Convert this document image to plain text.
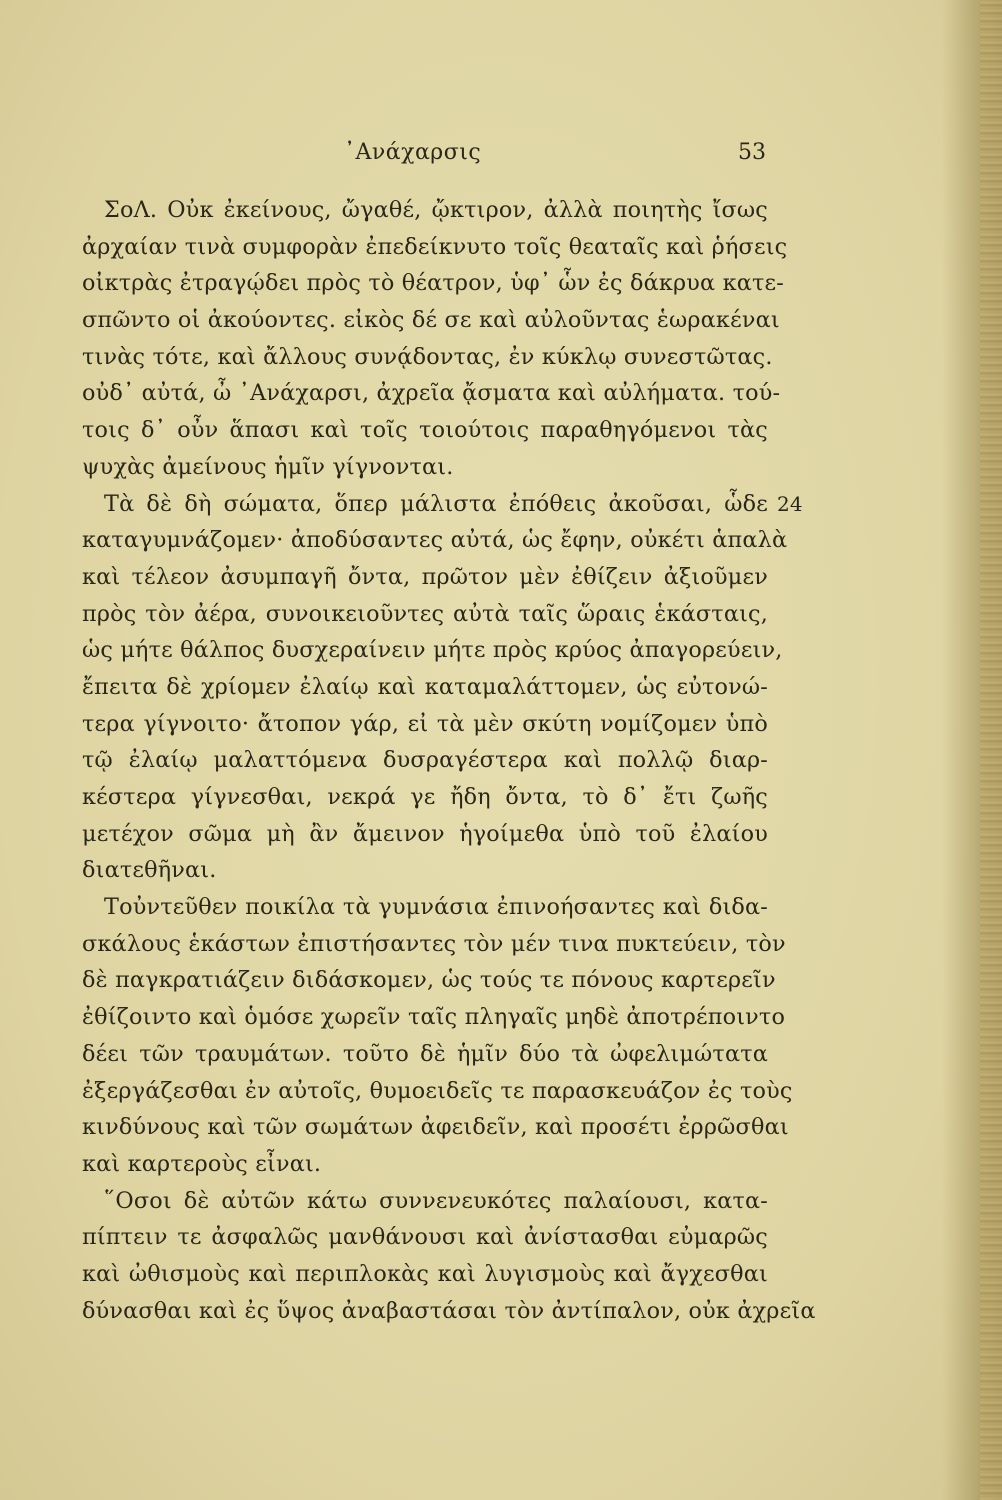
᾿Ανάχαρσις	53
ΣοΛ. Οὐκ ἐκείνους, ὤγαθέ, ᾤκτιρον, ἀλλὰ ποιητὴς ἴσως
ἀρχαίαν τινὰ συμφορὰν ἐπεδείκνυτο τοῖς θεαταῖς καὶ ῥήσεις
οἰκτρὰς ἐτραγῴδει πρὸς τὸ θέατρον, ὑφ᾿ ὧν ἐς δάκρυα κατε-
σπῶντο οἱ ἀκούοντες. εἰκὸς δέ σε καὶ αὐλοῦντας ἑωρακέναι
τινὰς τότε, καὶ ἄλλους συνᾴδοντας, ἐν κύκλῳ συνεστῶτας.
οὐδ᾿ αὐτά, ὦ ᾿Ανάχαρσι, ἀχρεῖα ᾄσματα καὶ αὐλήματα. τού-
τοις δ᾿ οὖν ἅπασι καὶ τοῖς τοιούτοις παραθηγόμενοι τὰς
ψυχὰς ἀμείνους ἡμῖν γίγνονται.
Τὰ δὲ δὴ σώματα, ὅπερ μάλιστα ἐπόθεις ἀκοῦσαι, ὧδε 24
καταγυμνάζομεν· ἀποδύσαντες αὐτά, ὡς ἔφην, οὐκέτι ἁπαλὰ
καὶ τέλεον ἀσυμπαγῆ ὄντα, πρῶτον μὲν ἐθίζειν ἀξιοῦμεν
πρὸς τὸν ἀέρα, συνοικειοῦντες αὐτὰ ταῖς ὥραις ἑκάσταις,
ὡς μήτε θάλπος δυσχεραίνειν μήτε πρὸς κρύος ἀπαγορεύειν,
ἔπειτα δὲ χρίομεν ἐλαίῳ καὶ καταμαλάττομεν, ὡς εὐτονώ-
τερα γίγνοιτο· ἄτοπον γάρ, εἰ τὰ μὲν σκύτη νομίζομεν ὑπὸ
τῷ ἐλαίῳ μαλαττόμενα δυσραγέστερα καὶ πολλῷ διαρ-
κέστερα γίγνεσθαι, νεκρά γε ἤδη ὄντα, τὸ δ᾿ ἔτι ζωῆς
μετέχον σῶμα μὴ ἂν ἄμεινον ἡγοίμεθα ὑπὸ τοῦ ἐλαίου
διατεθῆναι.
Τοὐντεῦθεν ποικίλα τὰ γυμνάσια ἐπινοήσαντες καὶ διδα-
σκάλους ἑκάστων ἐπιστήσαντες τὸν μέν τινα πυκτεύειν, τὸν
δὲ παγκρατιάζειν διδάσκομεν, ὡς τούς τε πόνους καρτερεῖν
ἐθίζοιντο καὶ ὁμόσε χωρεῖν ταῖς πληγαῖς μηδὲ ἀποτρέποιντο
δέει τῶν τραυμάτων. τοῦτο δὲ ἡμῖν δύο τὰ ὠφελιμώτατα
ἐξεργάζεσθαι ἐν αὐτοῖς, θυμοειδεῖς τε παρασκευάζον ἐς τοὺς
κινδύνους καὶ τῶν σωμάτων ἀφειδεῖν, καὶ προσέτι ἐρρῶσθαι
καὶ καρτεροὺς εἶναι.
῞Οσοι δὲ αὐτῶν κάτω συννενευκότες παλαίουσι, κατα-
πίπτειν τε ἀσφαλῶς μανθάνουσι καὶ ἀνίστασθαι εὐμαρῶς
καὶ ὠθισμοὺς καὶ περιπλοκὰς καὶ λυγισμοὺς καὶ ἄγχεσθαι
δύνασθαι καὶ ἐς ὕψος ἀναβαστάσαι τὸν ἀντίπαλον, οὐκ ἀχρεῖα
